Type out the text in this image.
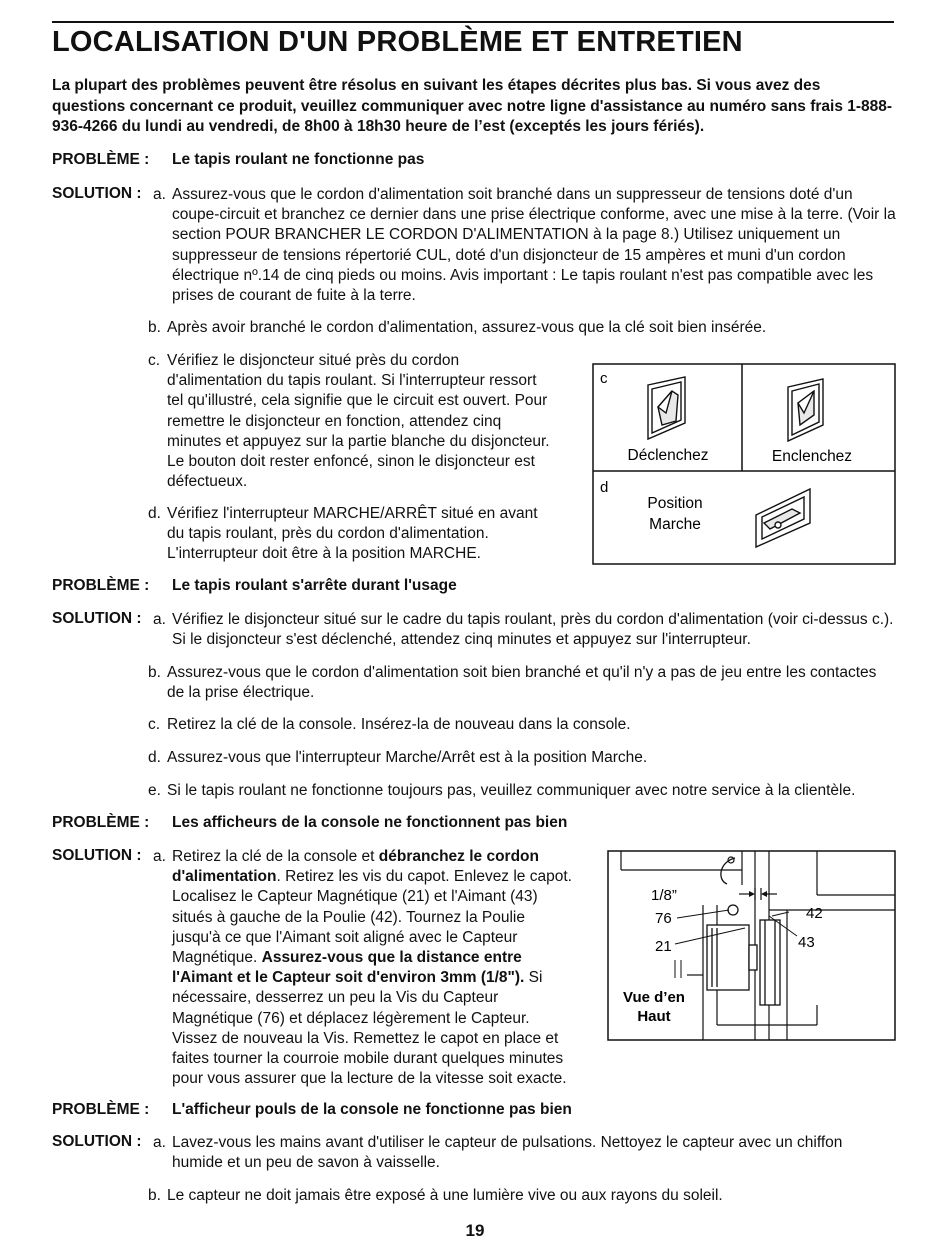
LOCALISATION D'UN PROBLÈME ET ENTRETIEN
La plupart des problèmes peuvent être résolus en suivant les étapes décrites plus bas. Si vous avez des questions concernant ce produit, veuillez communiquer avec notre ligne d'assistance au numéro sans frais 1-888-936-4266 du lundi au vendredi, de 8h00 à 18h30 heure de l’est (exceptés les jours fériés).
PROBLÈME : Le tapis roulant ne fonctionne pas
SOLUTION : a. Assurez-vous que le cordon d'alimentation soit branché dans un suppresseur de tensions doté d'un coupe-circuit et branchez ce dernier dans une prise électrique conforme, avec une mise à la terre. (Voir la section POUR BRANCHER LE CORDON D'ALIMENTATION à la page 8.) Utilisez uniquement un suppresseur de tensions répertorié CUL, doté d'un disjoncteur de 15 ampères et muni d'un cordon électrique nº.14 de cinq pieds ou moins. Avis important : Le tapis roulant n'est pas compatible avec les prises de courant de fuite à la terre.
b. Après avoir branché le cordon d'alimentation, assurez-vous que la clé soit bien insérée.
c. Vérifiez le disjoncteur situé près du cordon d'alimentation du tapis roulant. Si l'interrupteur ressort tel qu'illustré, cela signifie que le circuit est ouvert. Pour remettre le disjoncteur en fonction, attendez cinq minutes et appuyez sur la partie blanche du disjoncteur. Le bouton doit rester enfoncé, sinon le disjoncteur est défectueux.
d. Vérifiez l'interrupteur MARCHE/ARRÊT situé en avant du tapis roulant, près du cordon d'alimentation. L'interrupteur doit être à la position MARCHE.
c
d
Déclenchez	Enclenchez
Position
Marche
PROBLÈME : Le tapis roulant s'arrête durant l'usage
SOLUTION : a. Vérifiez le disjoncteur situé sur le cadre du tapis roulant, près du cordon d'alimentation (voir ci-dessus c.). Si le disjoncteur s'est déclenché, attendez cinq minutes et appuyez sur l'interrupteur.
b. Assurez-vous que le cordon d'alimentation soit bien branché et qu'il n'y a pas de jeu entre les contactes de la prise électrique.
c. Retirez la clé de la console. Insérez-la de nouveau dans la console.
d. Assurez-vous que l'interrupteur Marche/Arrêt est à la position Marche.
e. Si le tapis roulant ne fonctionne toujours pas, veuillez communiquer avec notre service à la clientèle.
PROBLÈME : Les afficheurs de la console ne fonctionnent pas bien
SOLUTION : a. Retirez la clé de la console et débranchez le cordon d'alimentation. Retirez les vis du capot. Enlevez le capot. Localisez le Capteur Magnétique (21) et l'Aimant (43) situés à gauche de la Poulie (42). Tournez la Poulie jusqu'à ce que l'Aimant soit aligné avec le Capteur Magnétique. Assurez-vous que la distance entre l'Aimant et le Capteur soit d'environ 3mm (1/8"). Si nécessaire, desserrez un peu la Vis du Capteur Magnétique (76) et déplacez légèrement le Capteur. Vissez de nouveau la Vis. Remettez le capot en place et faites tourner la courroie mobile durant quelques minutes pour vous assurer que la lecture de la vitesse soit exacte.
1/8”
76
21
42
43
Vue d’en
Haut
PROBLÈME : L'afficheur pouls de la console ne fonctionne pas bien
SOLUTION : a. Lavez-vous les mains avant d'utiliser le capteur de pulsations. Nettoyez le capteur avec un chiffon humide et un peu de savon à vaisselle.
b. Le capteur ne doit jamais être exposé à une lumière vive ou aux rayons du soleil.
19
